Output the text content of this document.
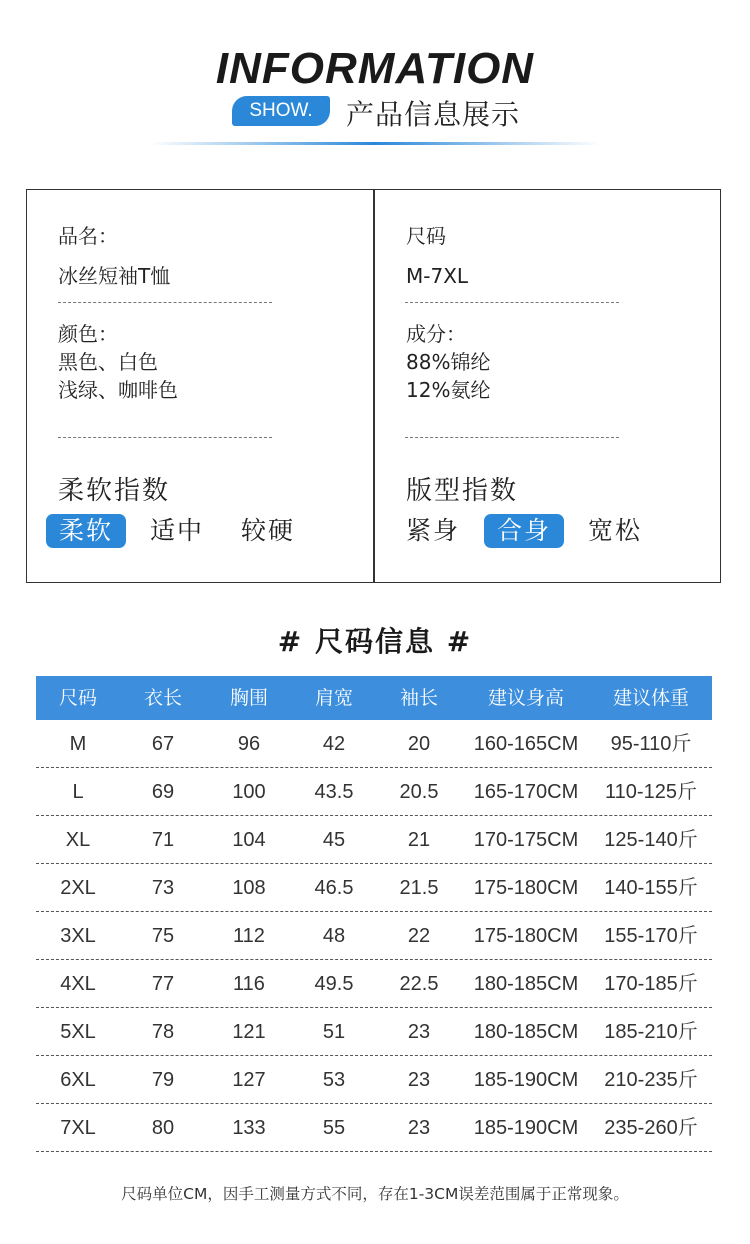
INFORMATION
SHOW.	产品信息展示
品名：
冰丝短袖T恤
颜色：
黑色、白色
浅绿、咖啡色
柔软指数
柔软	适中 较硬
尺码
M-7XL
成分：
88%锦纶
12%氨纶
版型指数
紧身	合身	宽松
# 尺码信息 #
尺码	衣长	胸围	肩宽	袖长	建议身高	建议体重
M	67	96	42	20	160-165CM	95-110斤
L	69	100	43.5	20.5	165-170CM	110-125斤
XL	71	104	45	21	170-175CM	125-140斤
2XL	73	108	46.5	21.5	175-180CM	140-155斤
3XL	75	112	48	22	175-180CM	155-170斤
4XL	77	116	49.5	22.5	180-185CM	170-185斤
5XL	78	121	51	23	180-185CM	185-210斤
6XL	79	127	53	23	185-190CM	210-235斤
7XL	80	133	55	23	185-190CM	235-260斤
尺码单位CM，因手工测量方式不同，存在1-3CM误差范围属于正常现象。
